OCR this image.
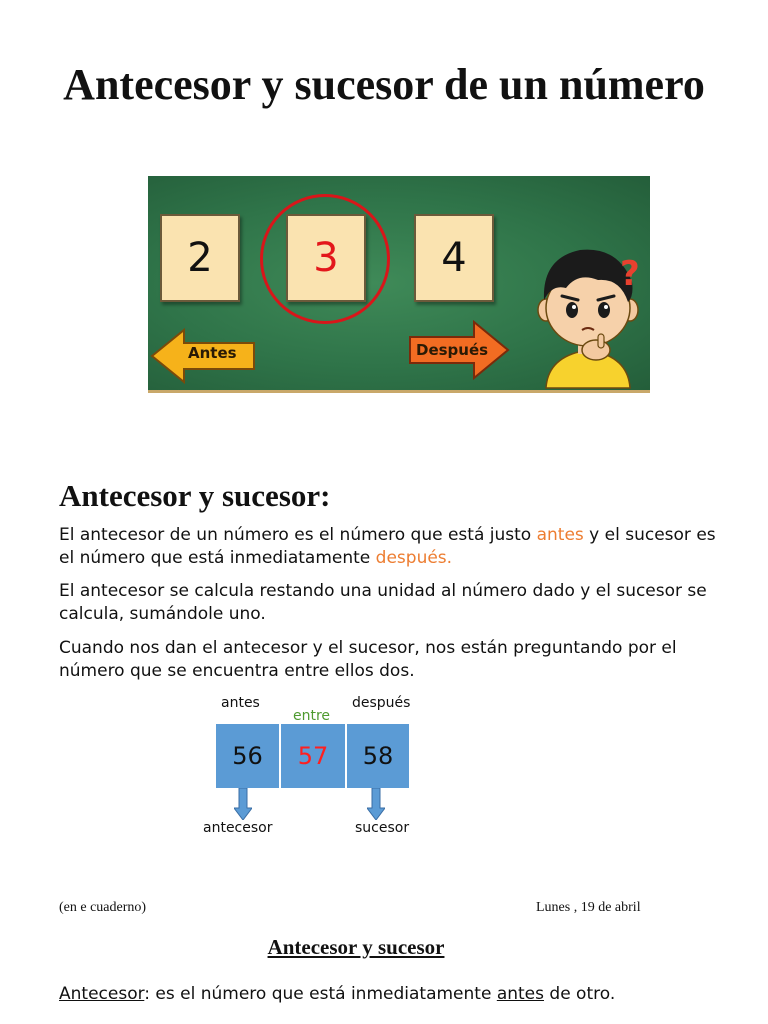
Antecesor y sucesor de un número
2	3	4
Antes	Después
?
Antecesor y sucesor:

El antecesor de un número es el número que está justo antes y el sucesor es el número que está inmediatamente después.

El antecesor se calcula restando una unidad al número dado y el sucesor se calcula, sumándole uno.

Cuando nos dan el antecesor y el sucesor, nos están preguntando por el número que se encuentra entre ellos dos.

antes
entre
después
56	57	58
antecesor	sucesor
(en e cuaderno)	Lunes , 19 de abril
Antecesor y sucesor

Antecesor: es el número que está inmediatamente antes de otro.
